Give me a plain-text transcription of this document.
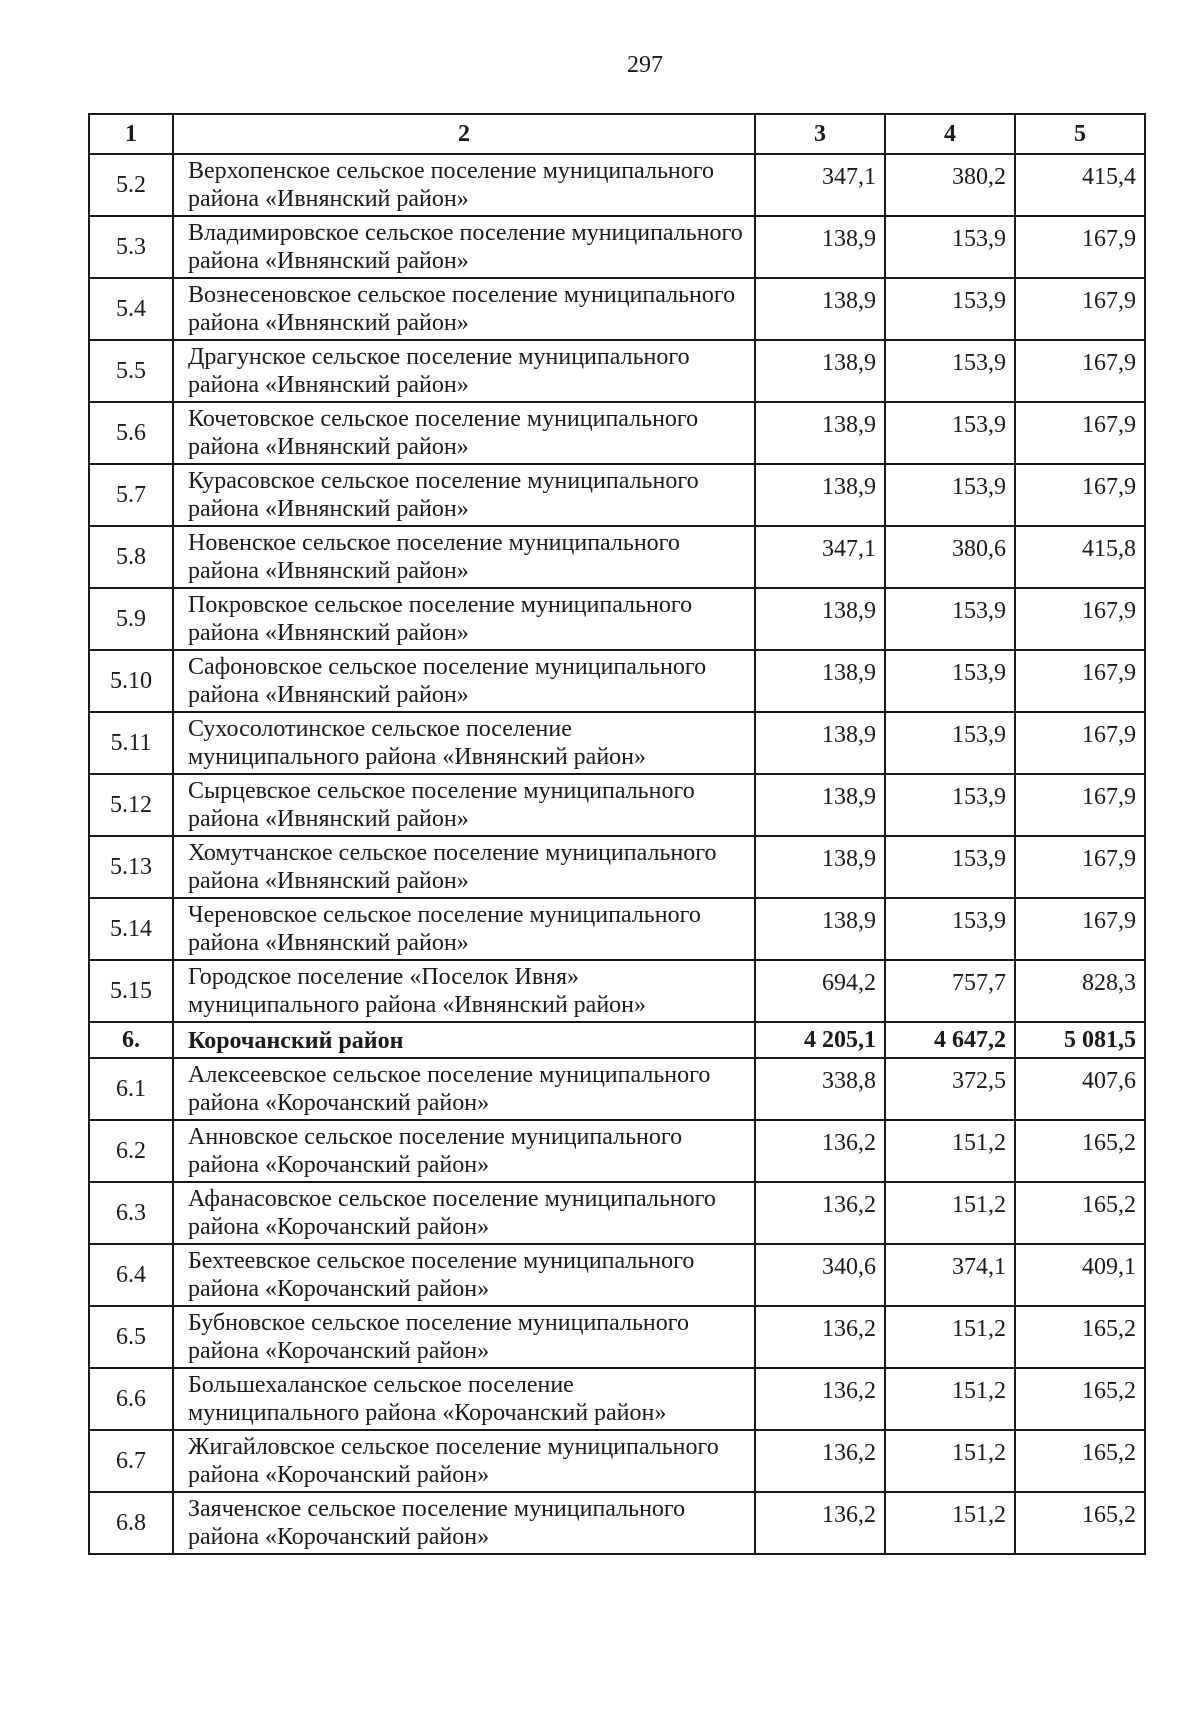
297
1	2	3	4	5
5.2	Верхопенское сельское поселение муниципального района «Ивнянский район»	347,1	380,2	415,4
5.3	Владимировское сельское поселение муниципального района «Ивнянский район»	138,9	153,9	167,9
5.4	Вознесеновское сельское поселение муниципального района «Ивнянский район»	138,9	153,9	167,9
5.5	Драгунское сельское поселение муниципального района «Ивнянский район»	138,9	153,9	167,9
5.6	Кочетовское сельское поселение муниципального района «Ивнянский район»	138,9	153,9	167,9
5.7	Курасовское сельское поселение муниципального района «Ивнянский район»	138,9	153,9	167,9
5.8	Новенское сельское поселение муниципального района «Ивнянский район»	347,1	380,6	415,8
5.9	Покровское сельское поселение муниципального района «Ивнянский район»	138,9	153,9	167,9
5.10	Сафоновское сельское поселение муниципального района «Ивнянский район»	138,9	153,9	167,9
5.11	Сухосолотинское сельское поселение муниципального района «Ивнянский район»	138,9	153,9	167,9
5.12	Сырцевское сельское поселение муниципального района «Ивнянский район»	138,9	153,9	167,9
5.13	Хомутчанское сельское поселение муниципального района «Ивнянский район»	138,9	153,9	167,9
5.14	Череновское сельское поселение муниципального района «Ивнянский район»	138,9	153,9	167,9
5.15	Городское поселение «Поселок Ивня» муниципального района «Ивнянский район»	694,2	757,7	828,3
6.	Корочанский район	4 205,1	4 647,2	5 081,5
6.1	Алексеевское сельское поселение муниципального района «Корочанский район»	338,8	372,5	407,6
6.2	Анновское сельское поселение муниципального района «Корочанский район»	136,2	151,2	165,2
6.3	Афанасовское сельское поселение муниципального района «Корочанский район»	136,2	151,2	165,2
6.4	Бехтеевское сельское поселение муниципального района «Корочанский район»	340,6	374,1	409,1
6.5	Бубновское сельское поселение муниципального района «Корочанский район»	136,2	151,2	165,2
6.6	Большехаланское сельское поселение муниципального района «Корочанский район»	136,2	151,2	165,2
6.7	Жигайловское сельское поселение муниципального района «Корочанский район»	136,2	151,2	165,2
6.8	Заяченское сельское поселение муниципального района «Корочанский район»	136,2	151,2	165,2
